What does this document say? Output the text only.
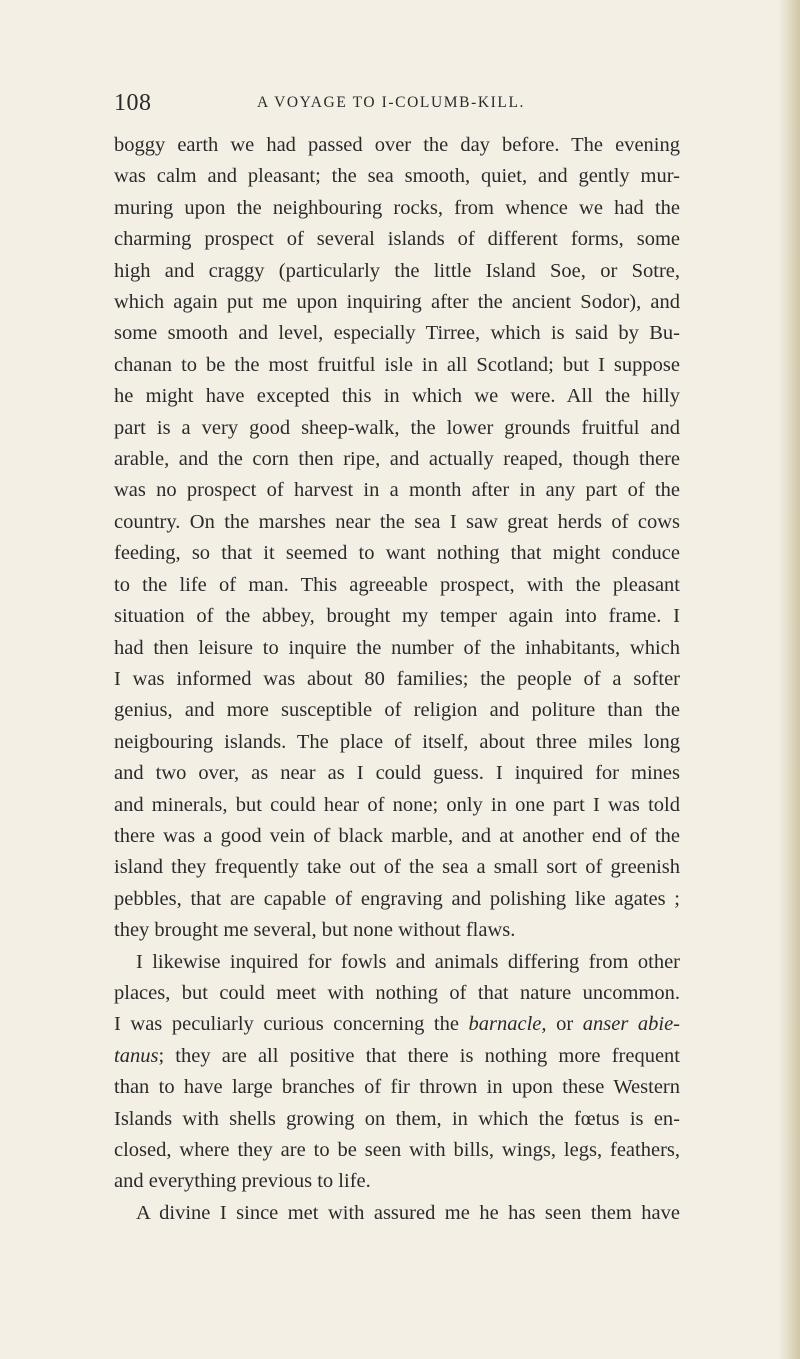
108	A VOYAGE TO I-COLUMB-KILL.
boggy earth we had passed over the day before. The evening
was calm and pleasant; the sea smooth, quiet, and gently mur-
muring upon the neighbouring rocks, from whence we had the
charming prospect of several islands of different forms, some
high and craggy (particularly the little Island Soe, or Sotre,
which again put me upon inquiring after the ancient Sodor), and
some smooth and level, especially Tirree, which is said by Bu-
chanan to be the most fruitful isle in all Scotland; but I suppose
he might have excepted this in which we were. All the hilly
part is a very good sheep-walk, the lower grounds fruitful and
arable, and the corn then ripe, and actually reaped, though there
was no prospect of harvest in a month after in any part of the
country. On the marshes near the sea I saw great herds of cows
feeding, so that it seemed to want nothing that might conduce
to the life of man. This agreeable prospect, with the pleasant
situation of the abbey, brought my temper again into frame. I
had then leisure to inquire the number of the inhabitants, which
I was informed was about 80 families; the people of a softer
genius, and more susceptible of religion and politure than the
neigbouring islands. The place of itself, about three miles long
and two over, as near as I could guess. I inquired for mines
and minerals, but could hear of none; only in one part I was told
there was a good vein of black marble, and at another end of the
island they frequently take out of the sea a small sort of greenish
pebbles, that are capable of engraving and polishing like agates ;
they brought me several, but none without flaws.
I likewise inquired for fowls and animals differing from other
places, but could meet with nothing of that nature uncommon.
I was peculiarly curious concerning the barnacle, or anser abie-
tanus; they are all positive that there is nothing more frequent
than to have large branches of fir thrown in upon these Western
Islands with shells growing on them, in which the fœtus is en-
closed, where they are to be seen with bills, wings, legs, feathers,
and everything previous to life.
A divine I since met with assured me he has seen them have
